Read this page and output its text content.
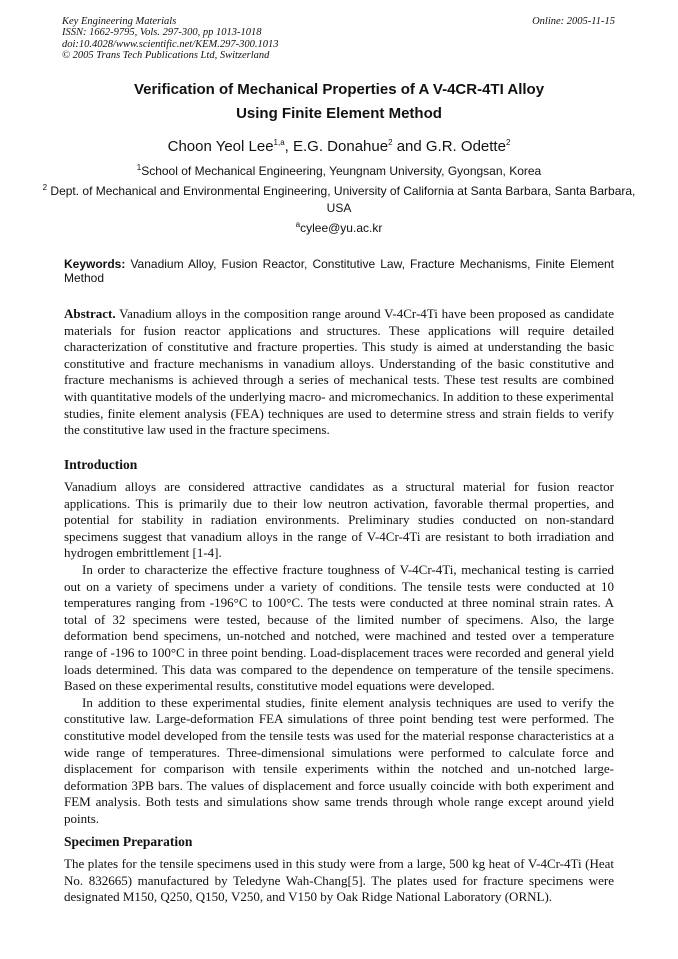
Key Engineering Materials
ISSN: 1662-9795, Vols. 297-300, pp 1013-1018
doi:10.4028/www.scientific.net/KEM.297-300.1013
© 2005 Trans Tech Publications Ltd, Switzerland
Online: 2005-11-15
Verification of Mechanical Properties of A V-4CR-4TI Alloy
Using Finite Element Method
Choon Yeol Lee$^{1,a}$, E.G. Donahue$^2$ and G.R. Odette$^2$
$^1$School of Mechanical Engineering, Yeungnam University, Gyongsan, Korea
$^2$ Dept. of Mechanical and Environmental Engineering, University of California at Santa Barbara, Santa Barbara, USA
$^a$cylee@yu.ac.kr
Keywords: Vanadium Alloy, Fusion Reactor, Constitutive Law, Fracture Mechanisms, Finite Element Method
Abstract. Vanadium alloys in the composition range around V-4Cr-4Ti have been proposed as candidate materials for fusion reactor applications and structures. These applications will require detailed characterization of constitutive and fracture properties. This study is aimed at understanding the basic constitutive and fracture mechanisms in vanadium alloys. Understanding of the basic constitutive and fracture mechanisms is achieved through a series of mechanical tests. These test results are combined with quantitative models of the underlying macro- and micromechanics. In addition to these experimental studies, finite element analysis (FEA) techniques are used to determine stress and strain fields to verify the constitutive law used in the fracture specimens.
Introduction

Vanadium alloys are considered attractive candidates as a structural material for fusion reactor applications. This is primarily due to their low neutron activation, favorable thermal properties, and potential for stability in radiation environments. Preliminary studies conducted on non-standard specimens suggest that vanadium alloys in the range of V-4Cr-4Ti are resistant to both irradiation and hydrogen embrittlement [1-4].

In order to characterize the effective fracture toughness of V-4Cr-4Ti, mechanical testing is carried out on a variety of specimens under a variety of conditions. The tensile tests were conducted at 10 temperatures ranging from -196°C to 100°C. The tests were conducted at three nominal strain rates. A total of 32 specimens were tested, because of the limited number of specimens. Also, the large deformation bend specimens, un-notched and notched, were machined and tested over a temperature range of -196 to 100°C in three point bending. Load-displacement traces were recorded and general yield loads determined. This data was compared to the dependence on temperature of the tensile specimens. Based on these experimental results, constitutive model equations were developed.

In addition to these experimental studies, finite element analysis techniques are used to verify the constitutive law. Large-deformation FEA simulations of three point bending test were performed. The constitutive model developed from the tensile tests was used for the material response characteristics at a wide range of temperatures. Three-dimensional simulations were performed to calculate force and displacement for comparison with tensile experiments within the notched and un-notched large-deformation 3PB bars. The values of displacement and force usually coincide with both experiment and FEM analysis. Both tests and simulations show same trends through whole range except around yield points.

Specimen Preparation

The plates for the tensile specimens used in this study were from a large, 500 kg heat of V-4Cr-4Ti (Heat No. 832665) manufactured by Teledyne Wah-Chang[5]. The plates used for fracture specimens were designated M150, Q250, Q150, V250, and V150 by Oak Ridge National Laboratory (ORNL).
